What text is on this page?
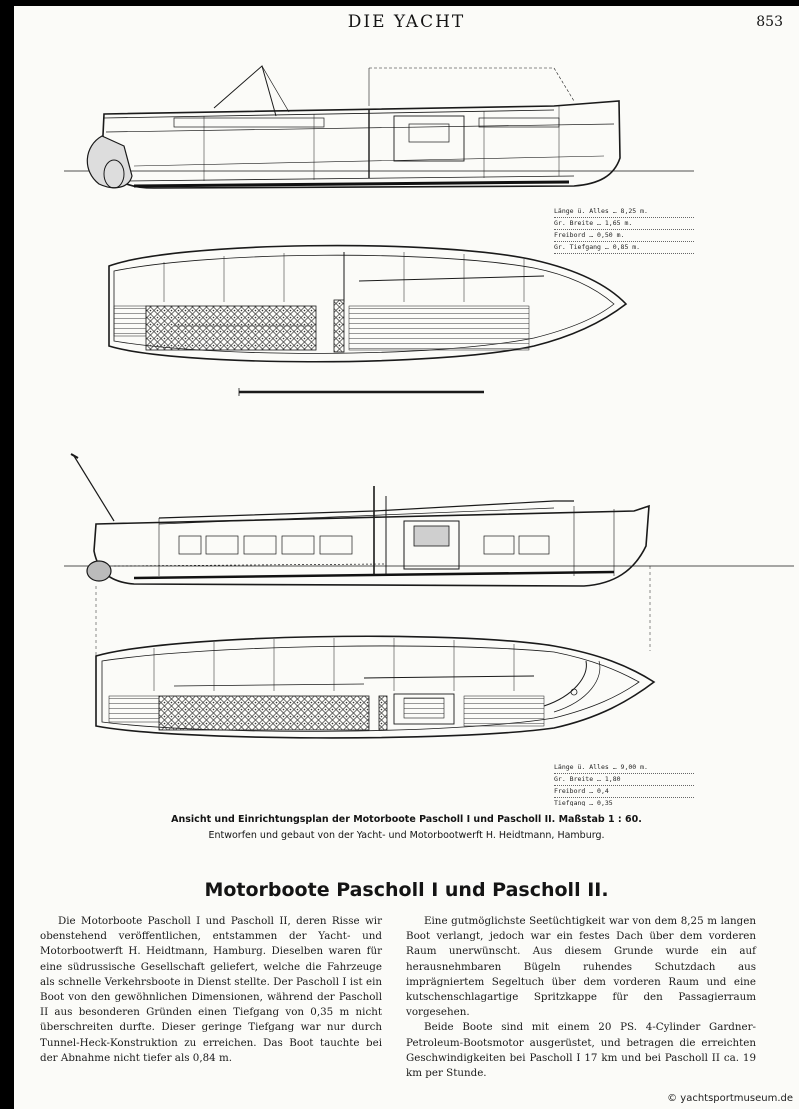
DIE YACHT	853
Länge ü. Alles … 8,25 m.
Gr. Breite … 1,65 m.
Freibord … 0,50 m.
Gr. Tiefgang … 0,85 m.
Länge ü. Alles … 9,00 m.
Gr. Breite … 1,80
Freibord … 0,4
Tiefgang … 0,35
Ansicht und Einrichtungsplan der Motorboote Pascholl I und Pascholl II. Maßstab 1 : 60.
Entworfen und gebaut von der Yacht- und Motorbootwerft H. Heidtmann, Hamburg.
Motorboote Pascholl I und Pascholl II.

Die Motorboote Pascholl I und Pascholl II, deren Risse wir obenstehend veröffentlichen, entstammen der Yacht- und Motorbootwerft H. Heidtmann, Hamburg. Dieselben waren für eine südrussische Gesellschaft geliefert, welche die Fahrzeuge als schnelle Verkehrsboote in Dienst stellte. Der Pascholl I ist ein Boot von den gewöhnlichen Dimensionen, während der Pascholl II aus besonderen Gründen einen Tiefgang von 0,35 m nicht überschreiten durfte. Dieser geringe Tiefgang war nur durch Tunnel-Heck-Konstruktion zu erreichen. Das Boot tauchte bei der Abnahme nicht tiefer als 0,84 m.

Eine gutmöglichste Seetüchtigkeit war von dem 8,25 m langen Boot verlangt, jedoch war ein festes Dach über dem vorderen Raum unerwünscht. Aus diesem Grunde wurde ein auf herausnehmbaren Bügeln ruhendes Schutzdach aus imprägniertem Segeltuch über dem vorderen Raum und eine kutschenschlagartige Spritzkappe für den Passagierraum vorgesehen.

Beide Boote sind mit einem 20 PS. 4-Cylinder Gardner-Petroleum-Bootsmotor ausgerüstet, und betragen die erreichten Geschwindigkeiten bei Pascholl I 17 km und bei Pascholl II ca. 19 km per Stunde.

© yachtsportmuseum.de
